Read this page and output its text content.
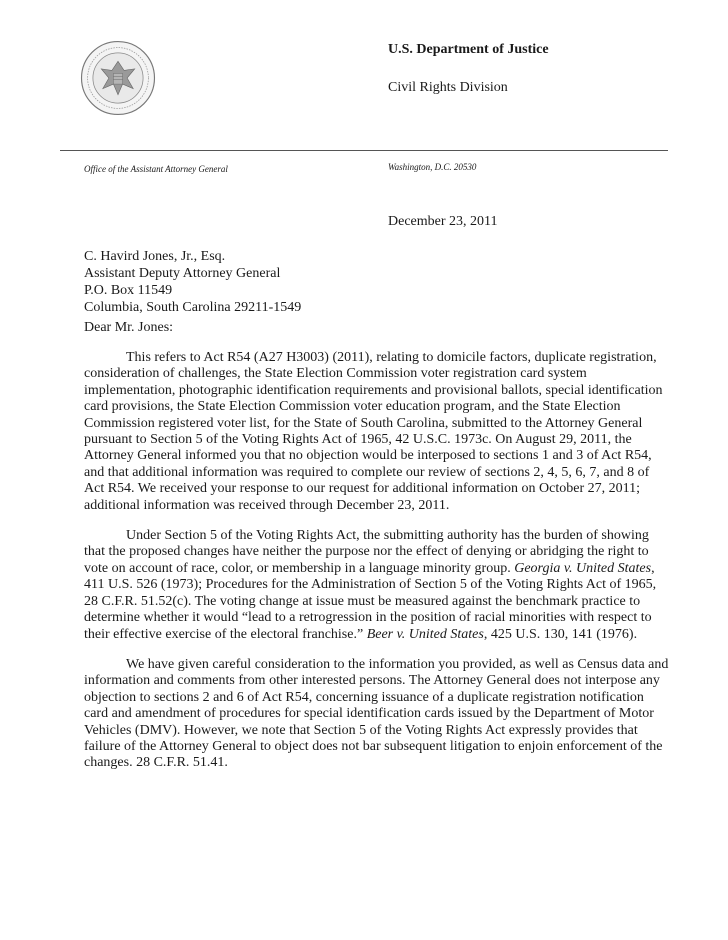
U.S. Department of Justice
Civil Rights Division
Office of the Assistant Attorney General	Washington, D.C. 20530
December 23, 2011
C. Havird Jones, Jr., Esq.
Assistant Deputy Attorney General
P.O. Box 11549
Columbia, South Carolina 29211-1549
Dear Mr. Jones:

This refers to Act R54 (A27 H3003) (2011), relating to domicile factors, duplicate registration, consideration of challenges, the State Election Commission voter registration card system implementation, photographic identification requirements and provisional ballots, special identification card provisions, the State Election Commission voter education program, and the State Election Commission registered voter list, for the State of South Carolina, submitted to the Attorney General pursuant to Section 5 of the Voting Rights Act of 1965, 42 U.S.C. 1973c. On August 29, 2011, the Attorney General informed you that no objection would be interposed to sections 1 and 3 of Act R54, and that additional information was required to complete our review of sections 2, 4, 5, 6, 7, and 8 of Act R54. We received your response to our request for additional information on October 27, 2011; additional information was received through December 23, 2011.

Under Section 5 of the Voting Rights Act, the submitting authority has the burden of showing that the proposed changes have neither the purpose nor the effect of denying or abridging the right to vote on account of race, color, or membership in a language minority group. Georgia v. United States, 411 U.S. 526 (1973); Procedures for the Administration of Section 5 of the Voting Rights Act of 1965, 28 C.F.R. 51.52(c). The voting change at issue must be measured against the benchmark practice to determine whether it would “lead to a retrogression in the position of racial minorities with respect to their effective exercise of the electoral franchise.” Beer v. United States, 425 U.S. 130, 141 (1976).

We have given careful consideration to the information you provided, as well as Census data and information and comments from other interested persons. The Attorney General does not interpose any objection to sections 2 and 6 of Act R54, concerning issuance of a duplicate registration notification card and amendment of procedures for special identification cards issued by the Department of Motor Vehicles (DMV). However, we note that Section 5 of the Voting Rights Act expressly provides that failure of the Attorney General to object does not bar subsequent litigation to enjoin enforcement of the changes. 28 C.F.R. 51.41.
